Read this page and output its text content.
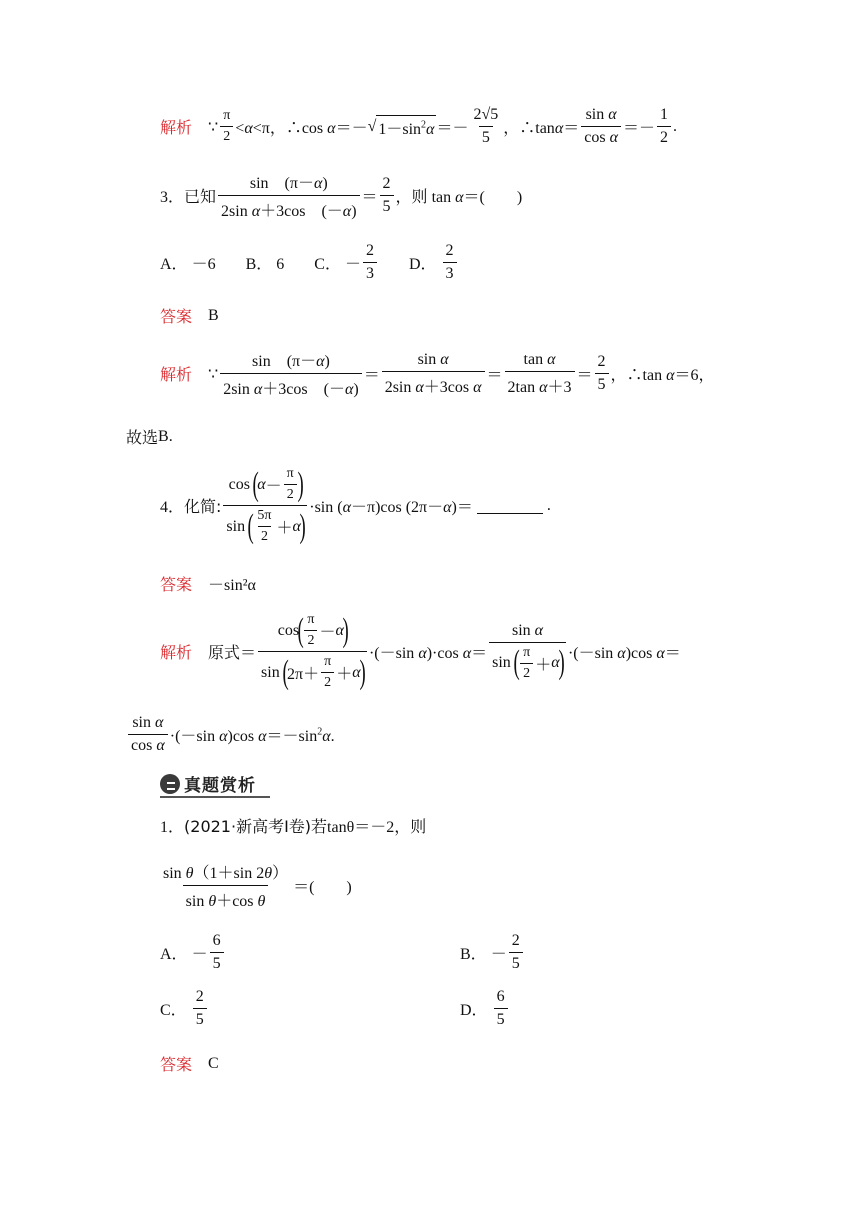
解析 ∵ $\frac{\pi}{2} <\alpha<\pi$，∴cos α＝－ √ $1-\sin^2\alpha =- \frac{2√5}{5}$ ，∴tanα＝ $\frac{\text{sin α}}{\text{cos α}} =- \frac{1}{2}$ .
3． 已知 $\frac{\sin (\pi-\alpha)}{\text{2sin α＋3cos　(－α)}} = \frac{2}{5}$ ， 则 tan α＝(　　)
A． －6 B． 6 C．
－ $\frac{2}{3}$ D．
$\frac{2}{3}$
答案 B
解析 ∵ $\frac{\sin (\pi-\alpha)}{\text{2sin α＋3cos　(－α)}} = \frac{\text{sin α}}{\text{2sin α＋3cos α}} = \frac{\text{tan α}}{\text{2tan α＋3}} = \frac{2}{5}$ ，∴tan α＝6，
故选 B.
4． 化简: cos
(
$\alpha - \frac{\pi}{2}$ )
sin
( $\frac{5\pi}{2} + \alpha$
) ·sin (α－π)cos (2π－α)＝	.
答案 －sin²α
解析 原式 ＝ cos
( $\frac{\pi}{2} - \alpha$
)
sin
(
$2\pi+ \frac{\pi}{2} + \alpha$
) ·(－sin α)·cos α＝ sin α
sin
( $\frac{\pi}{2} + \alpha$
) ·(－sin α)cos α＝
$\frac{\text{sin α}}{\text{cos α}} \cdot(-\sin$ α)cos $\alpha=-\sin^2\alpha$.
真题赏析
1． (2021·新高考Ⅰ卷) 若 tanθ＝－2， 则
$\frac{\text{sin θ（1＋sin 2θ）}}{\text{sin θ＋cos θ}}$ ＝(　　)
A．
－ $\frac{6}{5}$	B．
－ $\frac{2}{5}$
C．
$\frac{2}{5}$	D．
$\frac{6}{5}$
答案 C
